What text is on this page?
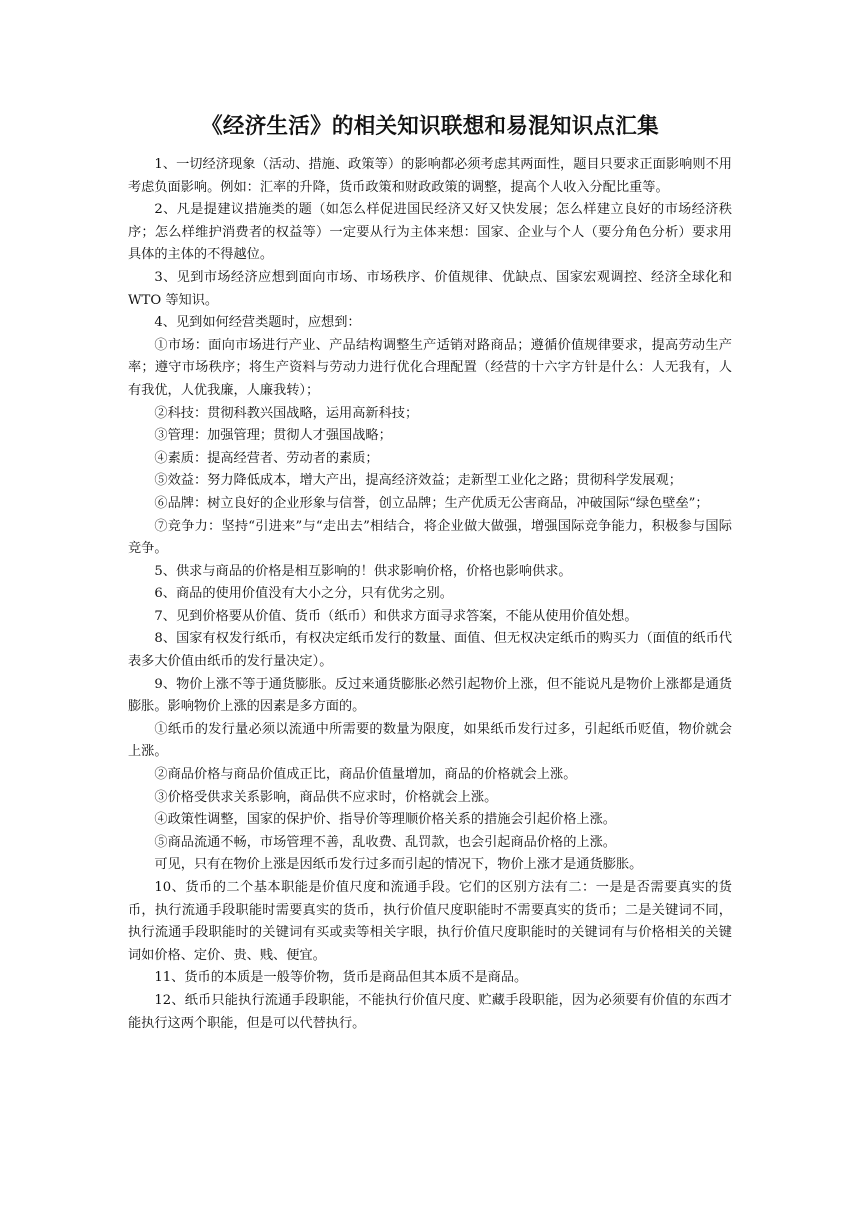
《经济生活》的相关知识联想和易混知识点汇集

1、一切经济现象（活动、措施、政策等）的影响都必须考虑其两面性，题目只要求正面影响则不用考虑负面影响。例如：汇率的升降，货币政策和财政政策的调整，提高个人收入分配比重等。

2、凡是提建议措施类的题（如怎么样促进国民经济又好又快发展；怎么样建立良好的市场经济秩序；怎么样维护消费者的权益等）一定要从行为主体来想：国家、企业与个人（要分角色分析）要求用具体的主体的不得越位。

3、见到市场经济应想到面向市场、市场秩序、价值规律、优缺点、国家宏观调控、经济全球化和 WTO 等知识。

4、见到如何经营类题时，应想到：

①市场：面向市场进行产业、产品结构调整生产适销对路商品；遵循价值规律要求，提高劳动生产率；遵守市场秩序；将生产资料与劳动力进行优化合理配置（经营的十六字方针是什么：人无我有，人有我优，人优我廉，人廉我转）；

②科技：贯彻科教兴国战略，运用高新科技；

③管理：加强管理；贯彻人才强国战略；

④素质：提高经营者、劳动者的素质；

⑤效益：努力降低成本，增大产出，提高经济效益；走新型工业化之路；贯彻科学发展观；

⑥品牌：树立良好的企业形象与信誉，创立品牌；生产优质无公害商品，冲破国际“绿色壁垒”；

⑦竞争力：坚持“引进来”与“走出去”相结合，将企业做大做强，增强国际竞争能力，积极参与国际竞争。

5、供求与商品的价格是相互影响的！供求影响价格，价格也影响供求。

6、商品的使用价值没有大小之分，只有优劣之别。

7、见到价格要从价值、货币（纸币）和供求方面寻求答案，不能从使用价值处想。

8、国家有权发行纸币，有权决定纸币发行的数量、面值、但无权决定纸币的购买力（面值的纸币代表多大价值由纸币的发行量决定）。

9、物价上涨不等于通货膨胀。反过来通货膨胀必然引起物价上涨，但不能说凡是物价上涨都是通货膨胀。影响物价上涨的因素是多方面的。

①纸币的发行量必须以流通中所需要的数量为限度，如果纸币发行过多，引起纸币贬值，物价就会上涨。

②商品价格与商品价值成正比，商品价值量增加，商品的价格就会上涨。

③价格受供求关系影响，商品供不应求时，价格就会上涨。

④政策性调整，国家的保护价、指导价等理顺价格关系的措施会引起价格上涨。

⑤商品流通不畅，市场管理不善，乱收费、乱罚款，也会引起商品价格的上涨。

可见，只有在物价上涨是因纸币发行过多而引起的情况下，物价上涨才是通货膨胀。

10、货币的二个基本职能是价值尺度和流通手段。它们的区别方法有二：一是是否需要真实的货币，执行流通手段职能时需要真实的货币，执行价值尺度职能时不需要真实的货币；二是关键词不同，执行流通手段职能时的关键词有买或卖等相关字眼，执行价值尺度职能时的关键词有与价格相关的关键词如价格、定价、贵、贱、便宜。

11、货币的本质是一般等价物，货币是商品但其本质不是商品。

12、纸币只能执行流通手段职能，不能执行价值尺度、贮藏手段职能，因为必须要有价值的东西才能执行这两个职能，但是可以代替执行。
